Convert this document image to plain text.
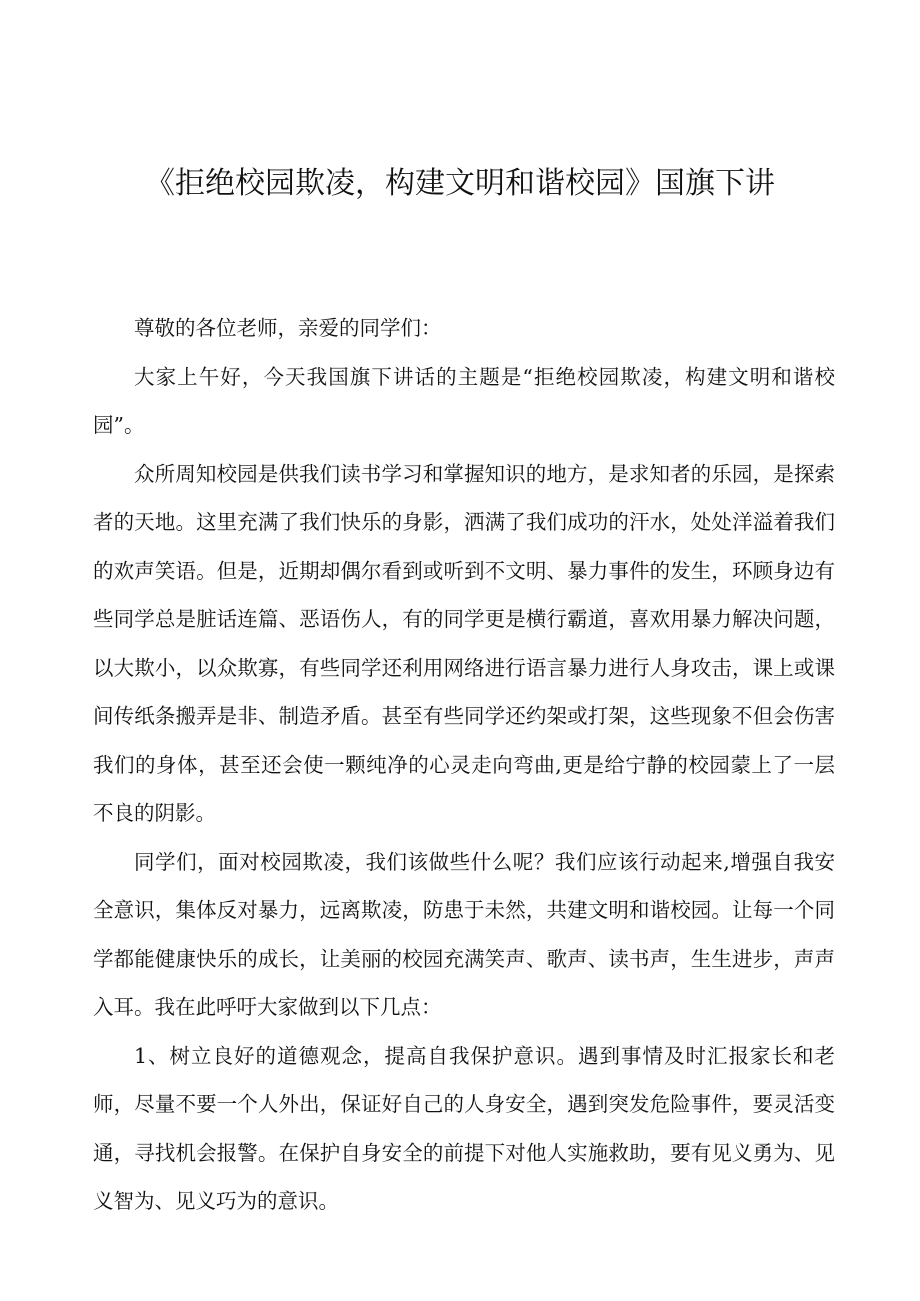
《拒绝校园欺凌，构建文明和谐校园》国旗下讲

尊敬的各位老师，亲爱的同学们：

大家上午好，今天我国旗下讲话的主题是“拒绝校园欺凌，构建文明和谐校园”。

众所周知校园是供我们读书学习和掌握知识的地方，是求知者的乐园，是探索者的天地。这里充满了我们快乐的身影，洒满了我们成功的汗水，处处洋溢着我们的欢声笑语。但是，近期却偶尔看到或听到不文明、暴力事件的发生，环顾身边有些同学总是脏话连篇、恶语伤人，有的同学更是横行霸道，喜欢用暴力解决问题，以大欺小，以众欺寡，有些同学还利用网络进行语言暴力进行人身攻击，课上或课间传纸条搬弄是非、制造矛盾。甚至有些同学还约架或打架，这些现象不但会伤害我们的身体，甚至还会使一颗纯净的心灵走向弯曲,更是给宁静的校园蒙上了一层不良的阴影。

同学们，面对校园欺凌，我们该做些什么呢？我们应该行动起来,增强自我安全意识，集体反对暴力，远离欺凌，防患于未然，共建文明和谐校园。让每一个同学都能健康快乐的成长，让美丽的校园充满笑声、歌声、读书声，生生进步，声声入耳。我在此呼吁大家做到以下几点：

1、树立良好的道德观念，提高自我保护意识。遇到事情及时汇报家长和老师，尽量不要一个人外出，保证好自己的人身安全，遇到突发危险事件，要灵活变通，寻找机会报警。在保护自身安全的前提下对他人实施救助，要有见义勇为、见义智为、见义巧为的意识。
